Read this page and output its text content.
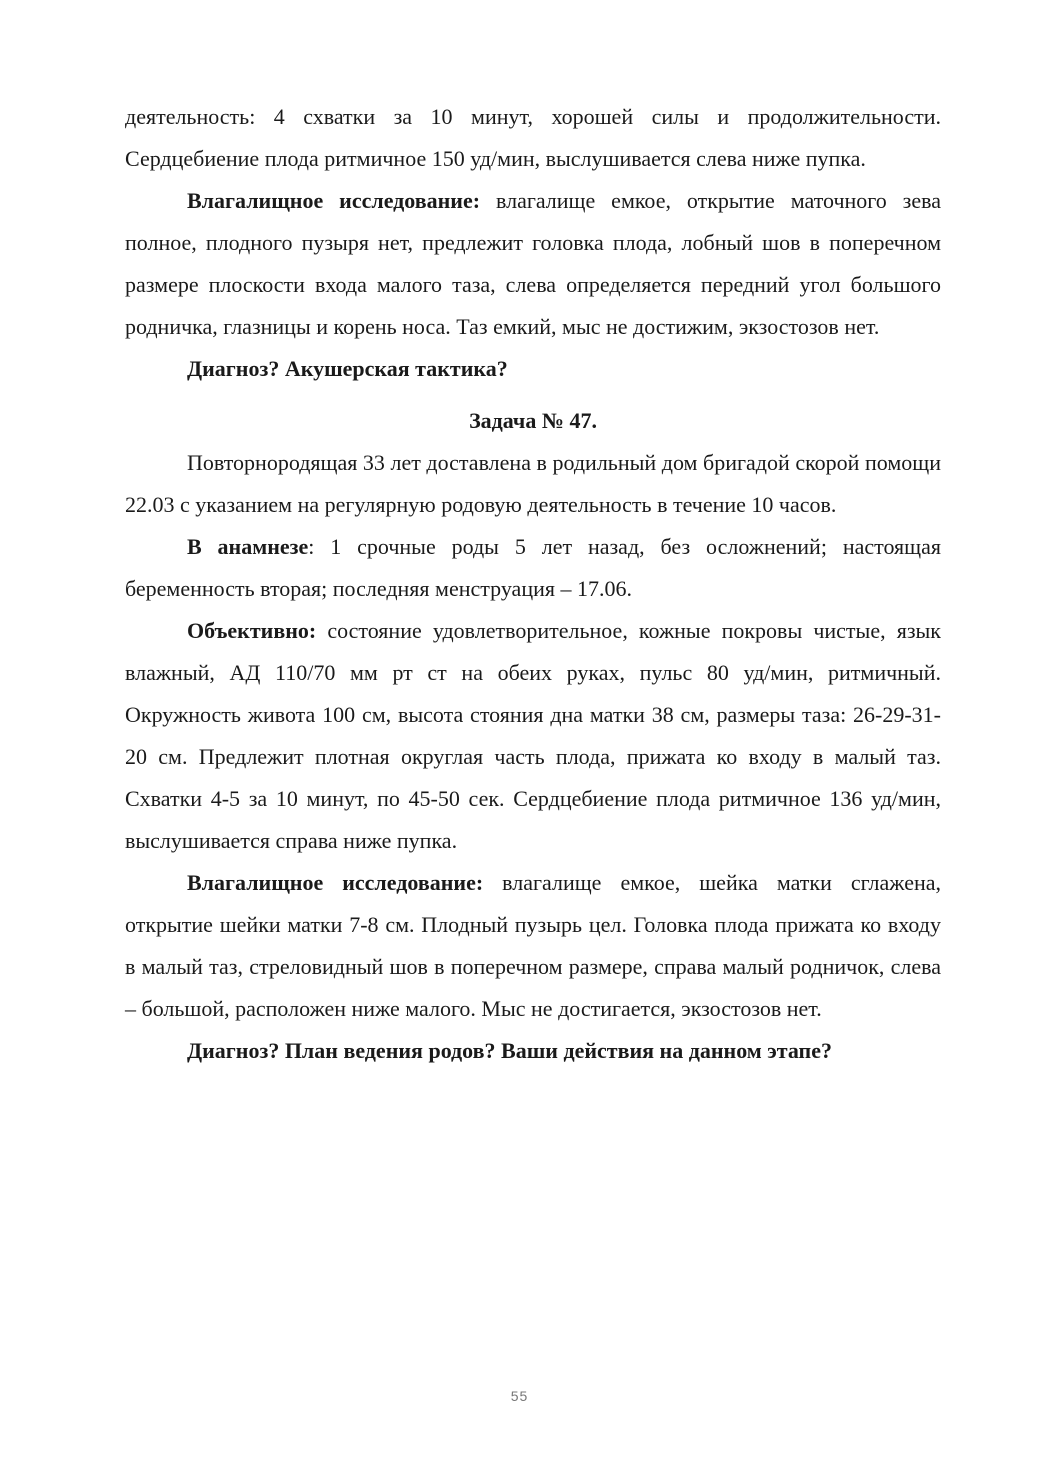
деятельность: 4 схватки за 10 минут, хорошей силы и продолжительности. Сердцебиение плода ритмичное 150 уд/мин, выслушивается слева ниже пупка.

Влагалищное исследование: влагалище емкое, открытие маточного зева полное, плодного пузыря нет, предлежит головка плода, лобный шов в поперечном размере плоскости входа малого таза, слева определяется передний угол большого родничка, глазницы и корень носа. Таз емкий, мыс не достижим, экзостозов нет.

Диагноз? Акушерская тактика?

Задача № 47.

Повторнородящая 33 лет доставлена в родильный дом бригадой скорой помощи 22.03 с указанием на регулярную родовую деятельность в течение 10 часов.

В анамнезе: 1 срочные роды 5 лет назад, без осложнений; настоящая беременность вторая; последняя менструация – 17.06.

Объективно: состояние удовлетворительное, кожные покровы чистые, язык влажный, АД 110/70 мм рт ст на обеих руках, пульс 80 уд/мин, ритмичный. Окружность живота 100 см, высота стояния дна матки 38 см, размеры таза: 26-29-31-20 см. Предлежит плотная округлая часть плода, прижата ко входу в малый таз. Схватки 4-5 за 10 минут, по 45-50 сек. Сердцебиение плода ритмичное 136 уд/мин, выслушивается справа ниже пупка.

Влагалищное исследование: влагалище емкое, шейка матки сглажена, открытие шейки матки 7-8 см. Плодный пузырь цел. Головка плода прижата ко входу в малый таз, стреловидный шов в поперечном размере, справа малый родничок, слева – большой, расположен ниже малого. Мыс не достигается, экзостозов нет.

Диагноз? План ведения родов? Ваши действия на данном этапе?

55
